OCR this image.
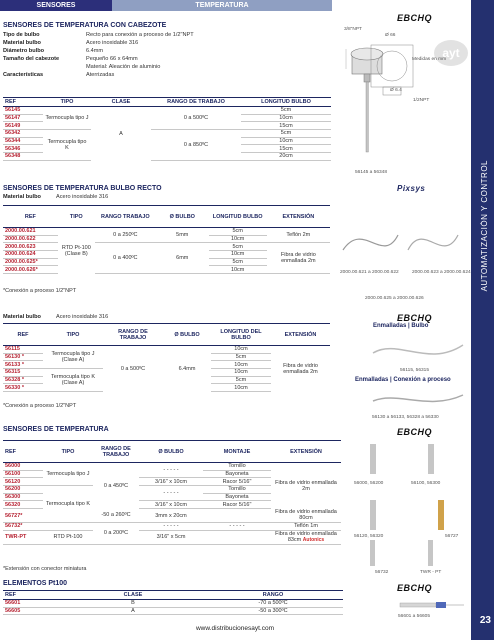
SENSORES	TEMPERATURA
AUTOMATIZACIÓN Y CONTROL
23
ayt
EBCHQ
SENSORES DE TEMPERATURA CON CABEZOTE
Tipo de bulbo	Recto para conexión a proceso de 1/2"NPT
Material bulbo	Acero inoxidable 316
Diámetro bulbo	6.4mm
Tamaño del cabezote	Pequeño 66 x 64mm
Material: Aleación de aluminio
Características	Aterrizadas
REF	TIPO	CLASE	RANGO DE TRABAJO	LONGITUD BULBO
56145	Termocupla tipo J	A	0 a 500ºC	5cm
56147				10cm
56149				15cm
56342	Termocupla tipo K		0 a 850ºC	5cm
56344				10cm
56346				15cm
56348				20cm
3/8"NPT
Ø 66
Medidas en mm
1/2NPT
Ø 6.4
56145 a 56348
SENSORES DE TEMPERATURA BULBO RECTO
Material bulbo	Acero inoxidable 316
Pixsys
REF	TIPO	RANGO TRABAJO	Ø BULBO	LONGITUD BULBO	EXTENSIÓN
2000.00.621	RTD Pt-100 (Clase B)	0 a 250ºC	5mm	5cm	Teflón 2m
2000.00.622				10cm	
2000.00.623		0 a 400ºC	6mm	5cm	Fibra de vidrio enmallada 2m
2000.00.624				10cm	
2000.00.625*				5cm	
2000.00.626*				10cm	
*Conexión a proceso 1/2"NPT
2000.00.621 a 2000.00.622	2000.00.623 a 2000.00.624
2000.00.625 a 2000.00.626
Material bulbo	Acero inoxidable 316	EBCHQ
REF	TIPO	RANGO DE TRABAJO	Ø BULBO	LONGITUD DEL BULBO	EXTENSIÓN
56115	Termocupla tipo J (Clase A)	0 a 500ºC	6.4mm	10cm	Fibra de vidrio enmallada 2m
56130 *				5cm	
56133 *				10cm	
56315	Termocupla tipo K (Clase A)			10cm	
56328 *				5cm	
56330 *				10cm	
*Conexión a proceso 1/2"NPT
Enmalladas | Bulbo
56115, 56315
Enmalladas | Conexión a proceso
56130 a 56133, 56328 a 56330
SENSORES DE TEMPERATURA	EBCHQ
REF	TIPO	RANGO DE TRABAJO	Ø BULBO	MONTAJE	EXTENSIÓN
56000	Termocupla tipo J	0 a 450ºC	- - - - -	Tornillo	Fibra de vidrio enmallada 2m
56100				Bayoneta	
56120			3/16" x 10cm	Racor 5/16"	
56200	Termocupla tipo K		- - - - -	Tornillo	
56300				Bayoneta	
56320			3/16" x 10cm	Racor 5/16"	
56727*		-50 a 260ºC	3mm x 20cm		Fibra de vidrio enmallada 80cm
56732*		0 a 200ºC	- - - - -	- - - - -	Teflón 1m
TWR-PT	RTD Pt-100		3/16" x 5cm		Fibra de vidrio enmallada 83cm Autonics
*Extensión con conector miniatura
56000, 56200	56100, 56300
56120, 56320	56727
56732	TWR - PT
ELEMENTOS Pt100	EBCHQ
REF	CLASE	RANGO
56601	B	-70 a 500ºC
56605	A	-50 a 300ºC
56601 a 56605
www.distribucionesayt.com
